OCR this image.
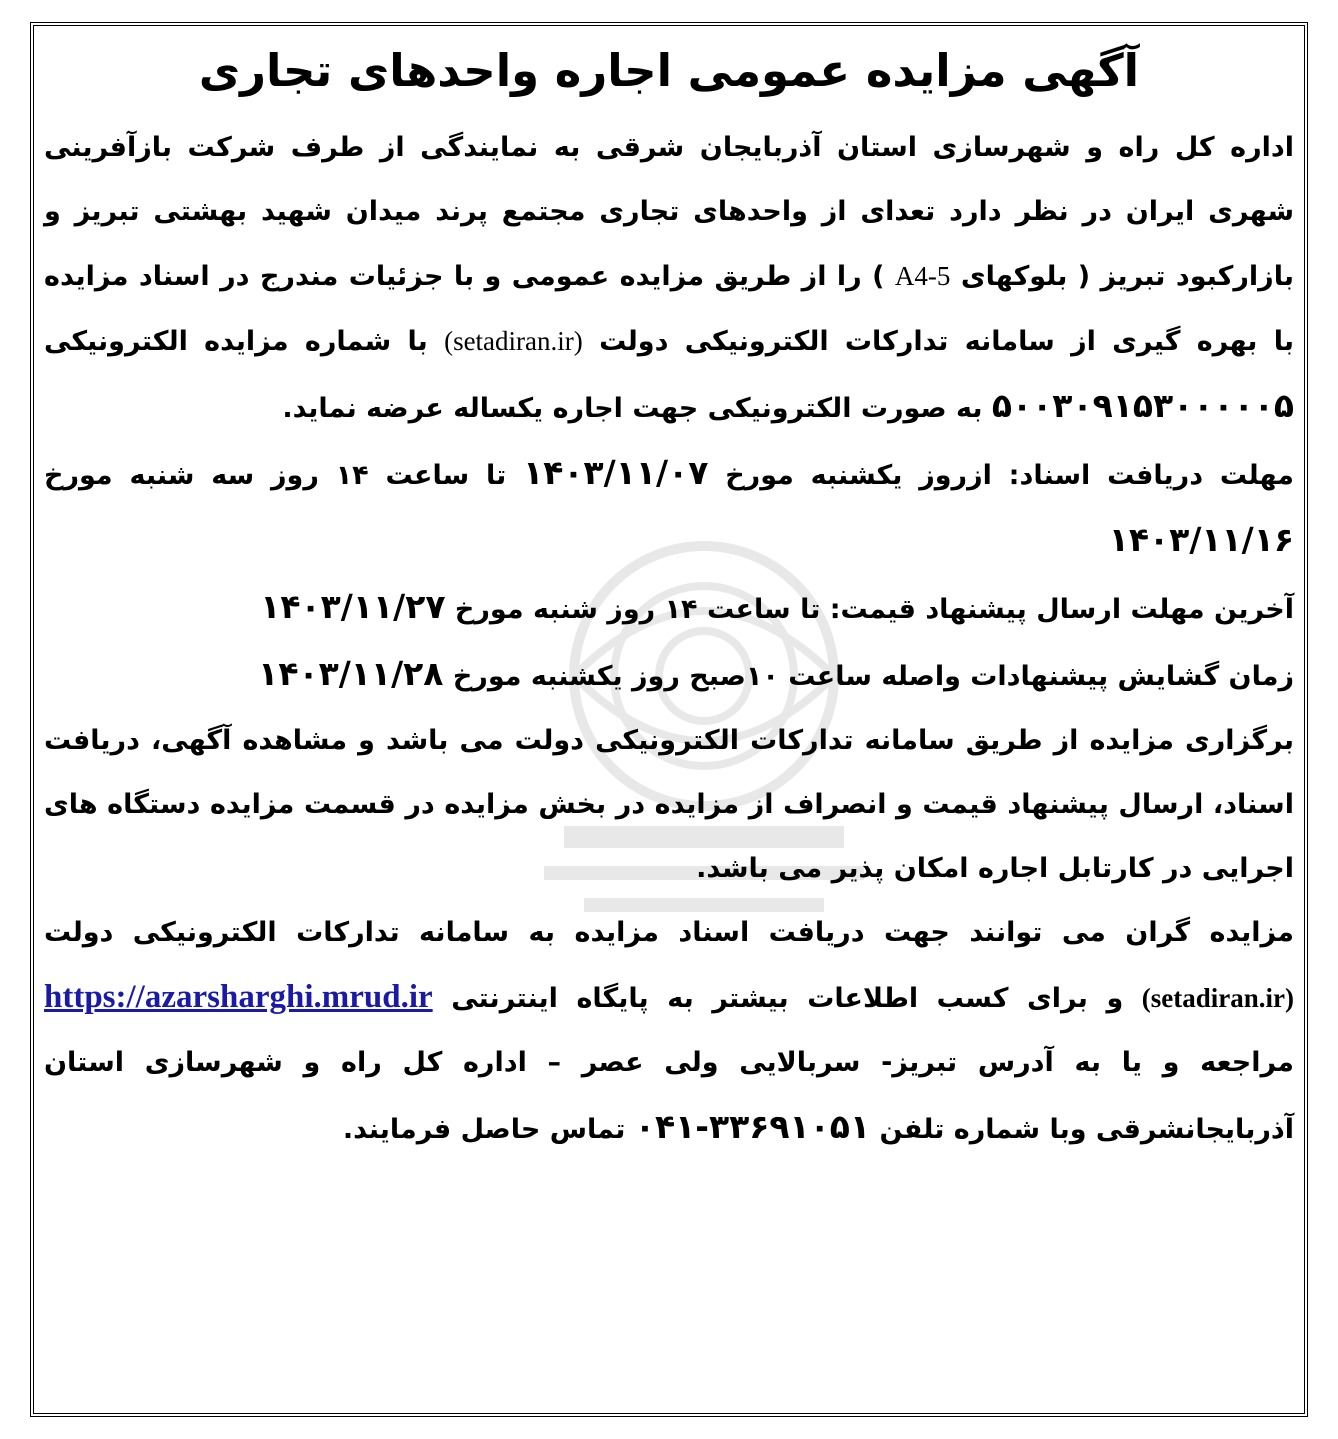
آگهی مزایده عمومی اجاره واحدهای تجاری

اداره کل راه و شهرسازی استان آذربایجان شرقی به نمایندگی از طرف شرکت بازآفرینی شهری ایران در نظر دارد تعدای از واحدهای تجاری مجتمع پرند میدان شهید بهشتی تبریز و بازارکبود تبریز ( بلوکهای A4-5 ) را از طریق مزایده عمومی و با جزئیات مندرج در اسناد مزایده با بهره گیری از سامانه تدارکات الکترونیکی دولت (setadiran.ir) با شماره مزایده الکترونیکی ۵۰۰۳۰۹۱۵۳۰۰۰۰۰۵ به صورت الکترونیکی جهت اجاره یکساله عرضه نماید.

مهلت دریافت اسناد: ازروز یکشنبه مورخ ۱۴۰۳/۱۱/۰۷ تا ساعت ۱۴ روز سه شنبه مورخ ۱۴۰۳/۱۱/۱۶

آخرین مهلت ارسال پیشنهاد قیمت: تا ساعت ۱۴ روز شنبه مورخ ۱۴۰۳/۱۱/۲۷

زمان گشایش پیشنهادات واصله ساعت ۱۰صبح روز یکشنبه مورخ ۱۴۰۳/۱۱/۲۸

برگزاری مزایده از طریق سامانه تدارکات الکترونیکی دولت می باشد و مشاهده آگهی، دریافت اسناد، ارسال پیشنهاد قیمت و انصراف از مزایده در بخش مزایده در قسمت مزایده دستگاه های اجرایی در کارتابل اجاره امکان پذیر می باشد.

مزایده گران می توانند جهت دریافت اسناد مزایده به سامانه تدارکات الکترونیکی دولت (setadiran.ir) و برای کسب اطلاعات بیشتر به پایگاه اینترنتی https://azarsharghi.mrud.ir مراجعه و یا به آدرس تبریز- سربالایی ولی عصر – اداره کل راه و شهرسازی استان آذربایجانشرقی وبا شماره تلفن ۰۴۱-۳۳۶۹۱۰۵۱ تماس حاصل فرمایند.
